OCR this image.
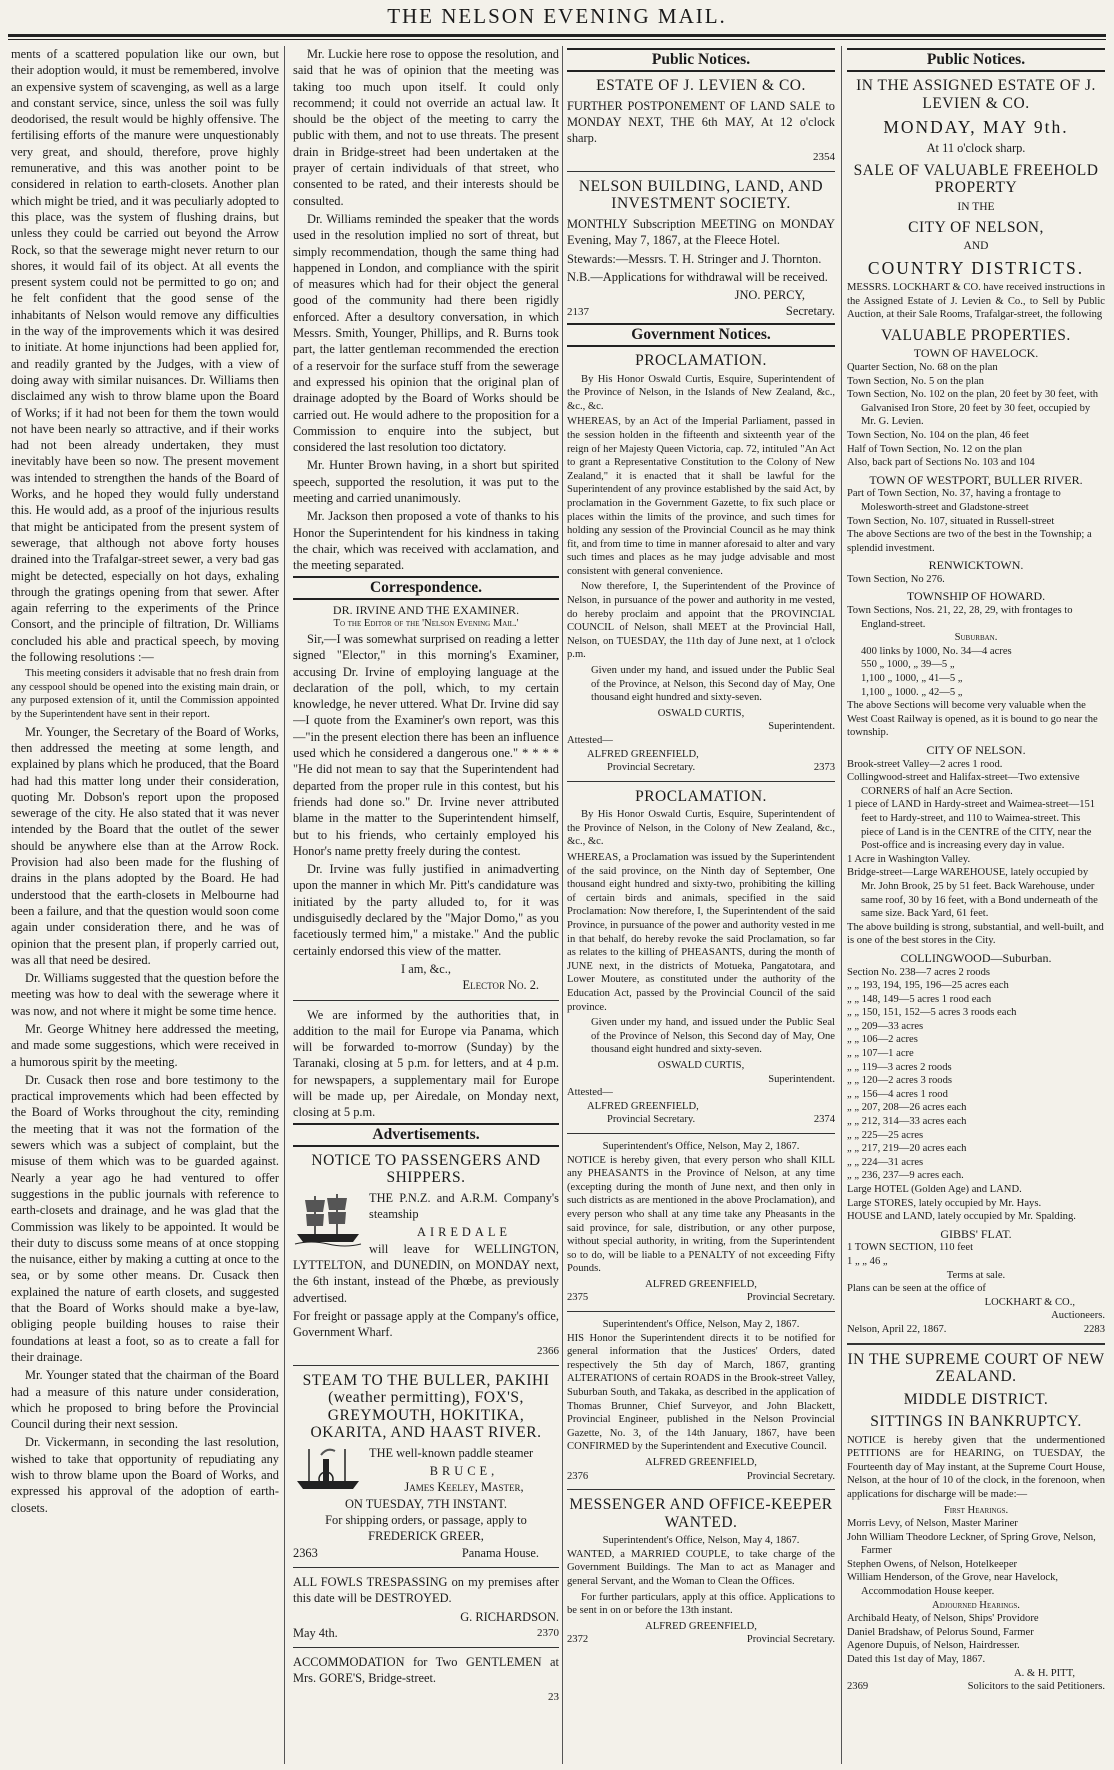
THE NELSON EVENING MAIL.

ments of a scattered population like our own, but their adoption would, it must be remembered, involve an expensive system of scavenging, as well as a large and constant service, since, unless the soil was fully deodorised, the result would be highly offensive. The fertilising efforts of the manure were unquestionably very great, and should, therefore, prove highly remunerative, and this was another point to be considered in relation to earth-closets. Another plan which might be tried, and it was peculiarly adopted to this place, was the system of flushing drains, but unless they could be carried out beyond the Arrow Rock, so that the sewerage might never return to our shores, it would fail of its object. At all events the present system could not be permitted to go on; and he felt confident that the good sense of the inhabitants of Nelson would remove any difficulties in the way of the improvements which it was desired to initiate. At home injunctions had been applied for, and readily granted by the Judges, with a view of doing away with similar nuisances. Dr. Williams then disclaimed any wish to throw blame upon the Board of Works; if it had not been for them the town would not have been nearly so attractive, and if their works had not been already undertaken, they must inevitably have been so now. The present movement was intended to strengthen the hands of the Board of Works, and he hoped they would fully understand this. He would add, as a proof of the injurious results that might be anticipated from the present system of sewerage, that although not above forty houses drained into the Trafalgar-street sewer, a very bad gas might be detected, especially on hot days, exhaling through the gratings opening from that sewer. After again referring to the experiments of the Prince Consort, and the principle of filtration, Dr. Williams concluded his able and practical speech, by moving the following resolutions :—

This meeting considers it advisable that no fresh drain from any cesspool should be opened into the existing main drain, or any purposed extension of it, until the Commission appointed by the Superintendent have sent in their report.

Mr. Younger, the Secretary of the Board of Works, then addressed the meeting at some length, and explained by plans which he produced, that the Board had had this matter long under their consideration, quoting Mr. Dobson's report upon the proposed sewerage of the city. He also stated that it was never intended by the Board that the outlet of the sewer should be anywhere else than at the Arrow Rock. Provision had also been made for the flushing of drains in the plans adopted by the Board. He had understood that the earth-closets in Melbourne had been a failure, and that the question would soon come again under consideration there, and he was of opinion that the present plan, if properly carried out, was all that need be desired.

Dr. Williams suggested that the question before the meeting was how to deal with the sewerage where it was now, and not where it might be some time hence.

Mr. George Whitney here addressed the meeting, and made some suggestions, which were received in a humorous spirit by the meeting.

Dr. Cusack then rose and bore testimony to the practical improvements which had been effected by the Board of Works throughout the city, reminding the meeting that it was not the formation of the sewers which was a subject of complaint, but the misuse of them which was to be guarded against. Nearly a year ago he had ventured to offer suggestions in the public journals with reference to earth-closets and drainage, and he was glad that the Commission was likely to be appointed. It would be their duty to discuss some means of at once stopping the nuisance, either by making a cutting at once to the sea, or by some other means. Dr. Cusack then explained the nature of earth closets, and suggested that the Board of Works should make a bye-law, obliging people building houses to raise their foundations at least a foot, so as to create a fall for their drainage.

Mr. Younger stated that the chairman of the Board had a measure of this nature under consideration, which he proposed to bring before the Provincial Council during their next session.

Dr. Vickermann, in seconding the last resolution, wished to take that opportunity of repudiating any wish to throw blame upon the Board of Works, and expressed his approval of the adoption of earth-closets.

Mr. Luckie here rose to oppose the resolution, and said that he was of opinion that the meeting was taking too much upon itself. It could only recommend; it could not override an actual law. It should be the object of the meeting to carry the public with them, and not to use threats. The present drain in Bridge-street had been undertaken at the prayer of certain individuals of that street, who consented to be rated, and their interests should be consulted.

Dr. Williams reminded the speaker that the words used in the resolution implied no sort of threat, but simply recommendation, though the same thing had happened in London, and compliance with the spirit of measures which had for their object the general good of the community had there been rigidly enforced. After a desultory conversation, in which Messrs. Smith, Younger, Phillips, and R. Burns took part, the latter gentleman recommended the erection of a reservoir for the surface stuff from the sewerage and expressed his opinion that the original plan of drainage adopted by the Board of Works should be carried out. He would adhere to the proposition for a Commission to enquire into the subject, but considered the last resolution too dictatory.

Mr. Hunter Brown having, in a short but spirited speech, supported the resolution, it was put to the meeting and carried unanimously.

Mr. Jackson then proposed a vote of thanks to his Honor the Superintendent for his kindness in taking the chair, which was received with acclamation, and the meeting separated.

Correspondence.
DR. IRVINE AND THE EXAMINER.
To the Editor of the 'Nelson Evening Mail.'

Sir,—I was somewhat surprised on reading a letter signed "Elector," in this morning's Examiner, accusing Dr. Irvine of employing language at the declaration of the poll, which, to my certain knowledge, he never uttered. What Dr. Irvine did say—I quote from the Examiner's own report, was this—"in the present election there has been an influence used which he considered a dangerous one." * * * * "He did not mean to say that the Superintendent had departed from the proper rule in this contest, but his friends had done so." Dr. Irvine never attributed blame in the matter to the Superintendent himself, but to his friends, who certainly employed his Honor's name pretty freely during the contest.

Dr. Irvine was fully justified in animadverting upon the manner in which Mr. Pitt's candidature was initiated by the party alluded to, for it was undisguisedly declared by the "Major Domo," as you facetiously termed him," a mistake." And the public certainly endorsed this view of the matter.

I am, &c.,
Elector No. 2.

We are informed by the authorities that, in addition to the mail for Europe via Panama, which will be forwarded to-morrow (Sunday) by the Taranaki, closing at 5 p.m. for letters, and at 4 p.m. for newspapers, a supplementary mail for Europe will be made up, per Airedale, on Monday next, closing at 5 p.m.

Advertisements.
NOTICE TO PASSENGERS AND SHIPPERS.

THE P.N.Z. and A.R.M. Company's steamship

AIREDALE

will leave for WELLINGTON, LYTTELTON, and DUNEDIN, on MONDAY next, the 6th instant, instead of the Phœbe, as previously advertised.

For freight or passage apply at the Company's office, Government Wharf.

2366
STEAM TO THE BULLER, PAKIHI (weather permitting), FOX'S, GREYMOUTH, HOKITIKA, OKARITA, AND HAAST RIVER.

THE well-known paddle steamer

BRUCE,
James Keeley, Master,
ON TUESDAY, 7TH INSTANT.
For shipping orders, or passage, apply to
FREDERICK GREER,
2363	Panama House.

ALL FOWLS TRESPASSING on my premises after this date will be DESTROYED.

G. RICHARDSON.
May 4th.	2370

ACCOMMODATION for Two GENTLEMEN at Mrs. GORE'S, Bridge-street.

23
Public Notices.
ESTATE OF J. LEVIEN & CO.

FURTHER POSTPONEMENT OF LAND SALE to MONDAY NEXT, THE 6th MAY, At 12 o'clock sharp.

2354
NELSON BUILDING, LAND, AND INVESTMENT SOCIETY.

MONTHLY Subscription MEETING on MONDAY Evening, May 7, 1867, at the Fleece Hotel.

Stewards:—Messrs. T. H. Stringer and J. Thornton.

N.B.—Applications for withdrawal will be received.

JNO. PERCY,
2137	Secretary.
Government Notices.
PROCLAMATION.

By His Honor Oswald Curtis, Esquire, Superintendent of the Province of Nelson, in the Islands of New Zealand, &c., &c., &c.

WHEREAS, by an Act of the Imperial Parliament, passed in the session holden in the fifteenth and sixteenth year of the reign of her Majesty Queen Victoria, cap. 72, intituled "An Act to grant a Representative Constitution to the Colony of New Zealand," it is enacted that it shall be lawful for the Superintendent of any province established by the said Act, by proclamation in the Government Gazette, to fix such place or places within the limits of the province, and such times for holding any session of the Provincial Council as he may think fit, and from time to time in manner aforesaid to alter and vary such times and places as he may judge advisable and most consistent with general convenience.

Now therefore, I, the Superintendent of the Province of Nelson, in pursuance of the power and authority in me vested, do hereby proclaim and appoint that the PROVINCIAL COUNCIL of Nelson, shall MEET at the Provincial Hall, Nelson, on TUESDAY, the 11th day of June next, at 1 o'clock p.m.

Given under my hand, and issued under the Public Seal of the Province, at Nelson, this Second day of May, One thousand eight hundred and sixty-seven.

OSWALD CURTIS,
Superintendent.
Attested—
ALFRED GREENFIELD,
Provincial Secretary.	2373
PROCLAMATION.

By His Honor Oswald Curtis, Esquire, Superintendent of the Province of Nelson, in the Colony of New Zealand, &c., &c., &c.

WHEREAS, a Proclamation was issued by the Superintendent of the said province, on the Ninth day of September, One thousand eight hundred and sixty-two, prohibiting the killing of certain birds and animals, specified in the said Proclamation: Now therefore, I, the Superintendent of the said Province, in pursuance of the power and authority vested in me in that behalf, do hereby revoke the said Proclamation, so far as relates to the killing of PHEASANTS, during the month of JUNE next, in the districts of Motueka, Pangatotara, and Lower Moutere, as constituted under the authority of the Education Act, passed by the Provincial Council of the said province.

Given under my hand, and issued under the Public Seal of the Province of Nelson, this Second day of May, One thousand eight hundred and sixty-seven.

OSWALD CURTIS,
Superintendent.
Attested—
ALFRED GREENFIELD,
Provincial Secretary.	2374
Superintendent's Office, Nelson, May 2, 1867.

NOTICE is hereby given, that every person who shall KILL any PHEASANTS in the Province of Nelson, at any time (excepting during the month of June next, and then only in such districts as are mentioned in the above Proclamation), and every person who shall at any time take any Pheasants in the said province, for sale, distribution, or any other purpose, without special authority, in writing, from the Superintendent so to do, will be liable to a PENALTY of not exceeding Fifty Pounds.

ALFRED GREENFIELD,
2375	Provincial Secretary.
Superintendent's Office, Nelson, May 2, 1867.

HIS Honor the Superintendent directs it to be notified for general information that the Justices' Orders, dated respectively the 5th day of March, 1867, granting ALTERATIONS of certain ROADS in the Brook-street Valley, Suburban South, and Takaka, as described in the application of Thomas Brunner, Chief Surveyor, and John Blackett, Provincial Engineer, published in the Nelson Provincial Gazette, No. 3, of the 14th January, 1867, have been CONFIRMED by the Superintendent and Executive Council.

ALFRED GREENFIELD,
2376	Provincial Secretary.
MESSENGER AND OFFICE-KEEPER WANTED.
Superintendent's Office, Nelson, May 4, 1867.

WANTED, a MARRIED COUPLE, to take charge of the Government Buildings. The Man to act as Manager and general Servant, and the Woman to Clean the Offices.

For further particulars, apply at this office. Applications to be sent in on or before the 13th instant.

ALFRED GREENFIELD,
2372	Provincial Secretary.
Public Notices.
IN THE ASSIGNED ESTATE OF J. LEVIEN & CO.
MONDAY, MAY 9th.
At 11 o'clock sharp.
SALE OF VALUABLE FREEHOLD PROPERTY
IN THE
CITY OF NELSON,
AND
COUNTRY DISTRICTS.

MESSRS. LOCKHART & CO. have received instructions in the Assigned Estate of J. Levien & Co., to Sell by Public Auction, at their Sale Rooms, Trafalgar-street, the following

VALUABLE PROPERTIES.
TOWN OF HAVELOCK.
Quarter Section, No. 68 on the plan
Town Section, No. 5 on the plan
Town Section, No. 102 on the plan, 20 feet by 30 feet, with Galvanised Iron Store, 20 feet by 30 feet, occupied by Mr. G. Levien.
Town Section, No. 104 on the plan, 46 feet
Half of Town Section, No. 12 on the plan
Also, back part of Sections No. 103 and 104
TOWN OF WESTPORT, BULLER RIVER.
Part of Town Section, No. 37, having a frontage to Molesworth-street and Gladstone-street
Town Section, No. 107, situated in Russell-street
The above Sections are two of the best in the Township; a splendid investment.
RENWICKTOWN.
Town Section, No 276.
TOWNSHIP OF HOWARD.
Town Sections, Nos. 21, 22, 28, 29, with frontages to England-street.
Suburban.
400 links by 1000, No. 34—4 acres
550 „ 1000, „ 39—5 „
1,100 „ 1000, „ 41—5 „
1,100 „ 1000. „ 42—5 „
The above Sections will become very valuable when the West Coast Railway is opened, as it is bound to go near the township.
CITY OF NELSON.
Brook-street Valley—2 acres 1 rood.
Collingwood-street and Halifax-street—Two extensive CORNERS of half an Acre Section.
1 piece of LAND in Hardy-street and Waimea-street—151 feet to Hardy-street, and 110 to Waimea-street. This piece of Land is in the CENTRE of the CITY, near the Post-office and is increasing every day in value.
1 Acre in Washington Valley.
Bridge-street—Large WAREHOUSE, lately occupied by Mr. John Brook, 25 by 51 feet. Back Warehouse, under same roof, 30 by 16 feet, with a Bond underneath of the same size. Back Yard, 61 feet.
The above building is strong, substantial, and well-built, and is one of the best stores in the City.
COLLINGWOOD—Suburban.
Section No. 238—7 acres 2 roods
„ „ 193, 194, 195, 196—25 acres each
„ „ 148, 149—5 acres 1 rood each
„ „ 150, 151, 152—5 acres 3 roods each
„ „ 209—33 acres
„ „ 106—2 acres
„ „ 107—1 acre
„ „ 119—3 acres 2 roods
„ „ 120—2 acres 3 roods
„ „ 156—4 acres 1 rood
„ „ 207, 208—26 acres each
„ „ 212, 314—33 acres each
„ „ 225—25 acres
„ „ 217, 219—20 acres each
„ „ 224—31 acres
„ „ 236, 237—9 acres each.
Large HOTEL (Golden Age) and LAND.
Large STORES, lately occupied by Mr. Hays.
HOUSE and LAND, lately occupied by Mr. Spalding.
GIBBS' FLAT.
1 TOWN SECTION, 110 feet
1 „ „ 46 „
Terms at sale.
Plans can be seen at the office of
LOCKHART & CO.,
Auctioneers.
Nelson, April 22, 1867.	2283
IN THE SUPREME COURT OF NEW ZEALAND.
MIDDLE DISTRICT.
SITTINGS IN BANKRUPTCY.

NOTICE is hereby given that the undermentioned PETITIONS are for HEARING, on TUESDAY, the Fourteenth day of May instant, at the Supreme Court House, Nelson, at the hour of 10 of the clock, in the forenoon, when applications for discharge will be made:—

First Hearings.
Morris Levy, of Nelson, Master Mariner
John William Theodore Leckner, of Spring Grove, Nelson, Farmer
Stephen Owens, of Nelson, Hotelkeeper
William Henderson, of the Grove, near Havelock, Accommodation House keeper.
Adjourned Hearings.
Archibald Heaty, of Nelson, Ships' Providore
Daniel Bradshaw, of Pelorus Sound, Farmer
Agenore Dupuis, of Nelson, Hairdresser.
Dated this 1st day of May, 1867.
A. & H. PITT,
2369	Solicitors to the said Petitioners.
